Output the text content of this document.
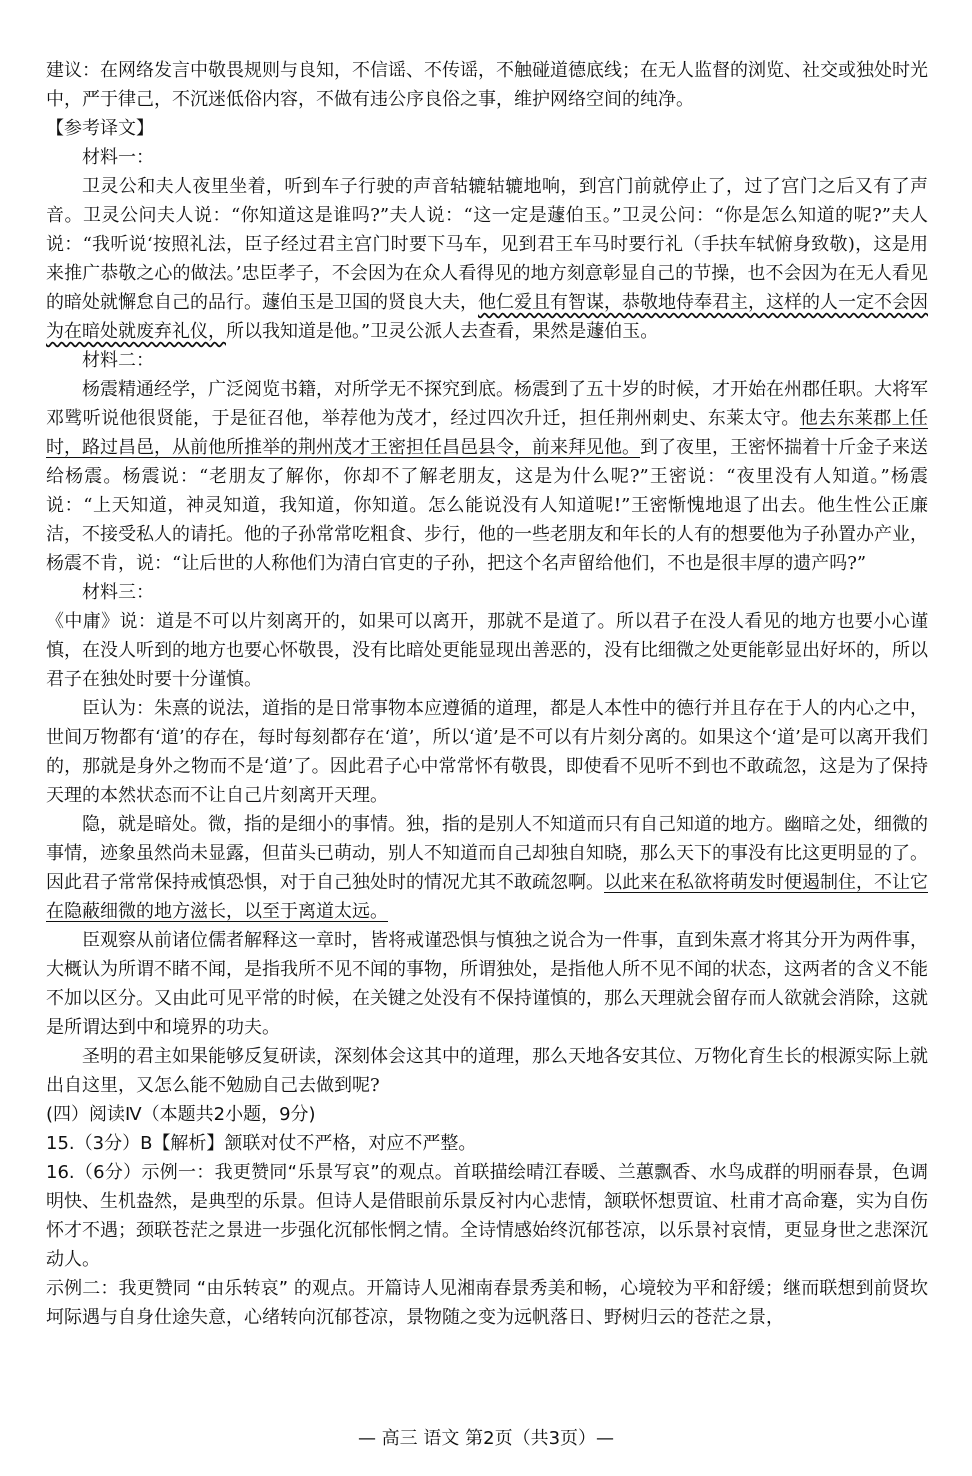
建议：在网络发言中敬畏规则与良知，不信谣、不传谣，不触碰道德底线；在无人监督的浏览、社交或独处时光中，严于律己，不沉迷低俗内容，不做有违公序良俗之事，维护网络空间的纯净。

【参考译文】

材料一：

卫灵公和夫人夜里坐着，听到车子行驶的声音轱辘轱辘地响，到宫门前就停止了，过了宫门之后又有了声音。卫灵公问夫人说：“你知道这是谁吗?”夫人说：“这一定是蘧伯玉。”卫灵公问：“你是怎么知道的呢?”夫人说：“我听说‘按照礼法，臣子经过君主宫门时要下马车，见到君王车马时要行礼（手扶车轼俯身致敬)，这是用来推广恭敬之心的做法。’忠臣孝子，不会因为在众人看得见的地方刻意彰显自己的节操，也不会因为在无人看见的暗处就懈怠自己的品行。蘧伯玉是卫国的贤良大夫，他仁爱且有智谋，恭敬地侍奉君主，这样的人一定不会因为在暗处就废弃礼仪，所以我知道是他。”卫灵公派人去查看，果然是蘧伯玉。

材料二：

杨震精通经学，广泛阅览书籍，对所学无不探究到底。杨震到了五十岁的时候，才开始在州郡任职。大将军邓骘听说他很贤能，于是征召他，举荐他为茂才，经过四次升迁，担任荆州刺史、东莱太守。他去东莱郡上任时，路过昌邑，从前他所推举的荆州茂才王密担任昌邑县令，前来拜见他。到了夜里，王密怀揣着十斤金子来送给杨震。杨震说：“老朋友了解你，你却不了解老朋友，这是为什么呢?”王密说：“夜里没有人知道。”杨震说：“上天知道，神灵知道，我知道，你知道。怎么能说没有人知道呢!”王密惭愧地退了出去。他生性公正廉洁，不接受私人的请托。他的子孙常常吃粗食、步行，他的一些老朋友和年长的人有的想要他为子孙置办产业，杨震不肯，说：“让后世的人称他们为清白官吏的子孙，把这个名声留给他们，不也是很丰厚的遗产吗?”

材料三：

《中庸》说：道是不可以片刻离开的，如果可以离开，那就不是道了。所以君子在没人看见的地方也要小心谨慎，在没人听到的地方也要心怀敬畏，没有比暗处更能显现出善恶的，没有比细微之处更能彰显出好坏的，所以君子在独处时要十分谨慎。

臣认为：朱熹的说法，道指的是日常事物本应遵循的道理，都是人本性中的德行并且存在于人的内心之中，世间万物都有‘道’的存在，每时每刻都存在‘道’，所以‘道’是不可以有片刻分离的。如果这个‘道’是可以离开我们的，那就是身外之物而不是‘道’了。因此君子心中常常怀有敬畏，即使看不见听不到也不敢疏忽，这是为了保持天理的本然状态而不让自己片刻离开天理。

隐，就是暗处。微，指的是细小的事情。独，指的是别人不知道而只有自己知道的地方。幽暗之处，细微的事情，迹象虽然尚未显露，但苗头已萌动，别人不知道而自己却独自知晓，那么天下的事没有比这更明显的了。因此君子常常保持戒慎恐惧，对于自己独处时的情况尤其不敢疏忽啊。以此来在私欲将萌发时便遏制住，不让它在隐蔽细微的地方滋长，以至于离道太远。

臣观察从前诸位儒者解释这一章时，皆将戒谨恐惧与慎独之说合为一件事，直到朱熹才将其分开为两件事，大概认为所谓不睹不闻，是指我所不见不闻的事物，所谓独处，是指他人所不见不闻的状态，这两者的含义不能不加以区分。又由此可见平常的时候，在关键之处没有不保持谨慎的，那么天理就会留存而人欲就会消除，这就是所谓达到中和境界的功夫。

圣明的君主如果能够反复研读，深刻体会这其中的道理，那么天地各安其位、万物化育生长的根源实际上就出自这里，又怎么能不勉励自己去做到呢?

(四）阅读Ⅳ（本题共2小题，9分)

15.（3分）B【解析】颔联对仗不严格，对应不严整。

16.（6分）示例一：我更赞同“乐景写哀”的观点。首联描绘晴江春暖、兰蕙飘香、水鸟成群的明丽春景，色调明快、生机盎然，是典型的乐景。但诗人是借眼前乐景反衬内心悲情，颔联怀想贾谊、杜甫才高命蹇，实为自伤怀才不遇；颈联苍茫之景进一步强化沉郁怅惘之情。全诗情感始终沉郁苍凉，以乐景衬哀情，更显身世之悲深沉动人。

示例二：我更赞同 “由乐转哀” 的观点。开篇诗人见湘南春景秀美和畅，心境较为平和舒缓；继而联想到前贤坎坷际遇与自身仕途失意，心绪转向沉郁苍凉，景物随之变为远帆落日、野树归云的苍茫之景，

— 高三 语文 第2页（共3页）—
